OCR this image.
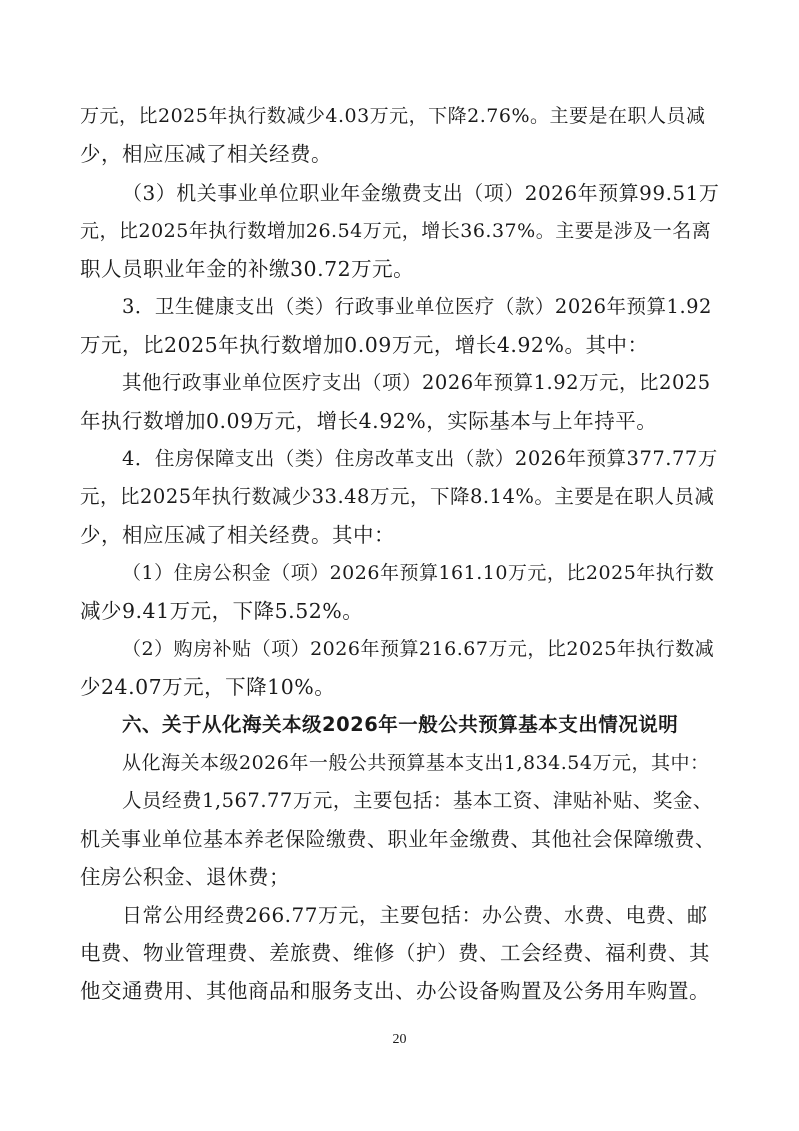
万元，比2025年执行数减少4.03万元，下降2.76%。主要是在职人员减
少，相应压减了相关经费。
（3）机关事业单位职业年金缴费支出（项）2026年预算99.51万
元，比2025年执行数增加26.54万元，增长36.37%。主要是涉及一名离
职人员职业年金的补缴30.72万元。
3．卫生健康支出（类）行政事业单位医疗（款）2026年预算1.92
万元，比2025年执行数增加0.09万元，增长4.92%。其中：
其他行政事业单位医疗支出（项）2026年预算1.92万元，比2025
年执行数增加0.09万元，增长4.92%，实际基本与上年持平。
4．住房保障支出（类）住房改革支出（款）2026年预算377.77万
元，比2025年执行数减少33.48万元，下降8.14%。主要是在职人员减
少，相应压减了相关经费。其中：
（1）住房公积金（项）2026年预算161.10万元，比2025年执行数
减少9.41万元，下降5.52%。
（2）购房补贴（项）2026年预算216.67万元，比2025年执行数减
少24.07万元，下降10%。
六、关于从化海关本级2026年一般公共预算基本支出情况说明
从化海关本级2026年一般公共预算基本支出1,834.54万元，其中：
人员经费1,567.77万元，主要包括：基本工资、津贴补贴、奖金、
机关事业单位基本养老保险缴费、职业年金缴费、其他社会保障缴费、
住房公积金、退休费；
日常公用经费266.77万元，主要包括：办公费、水费、电费、邮
电费、物业管理费、差旅费、维修（护）费、工会经费、福利费、其
他交通费用、其他商品和服务支出、办公设备购置及公务用车购置。
20
